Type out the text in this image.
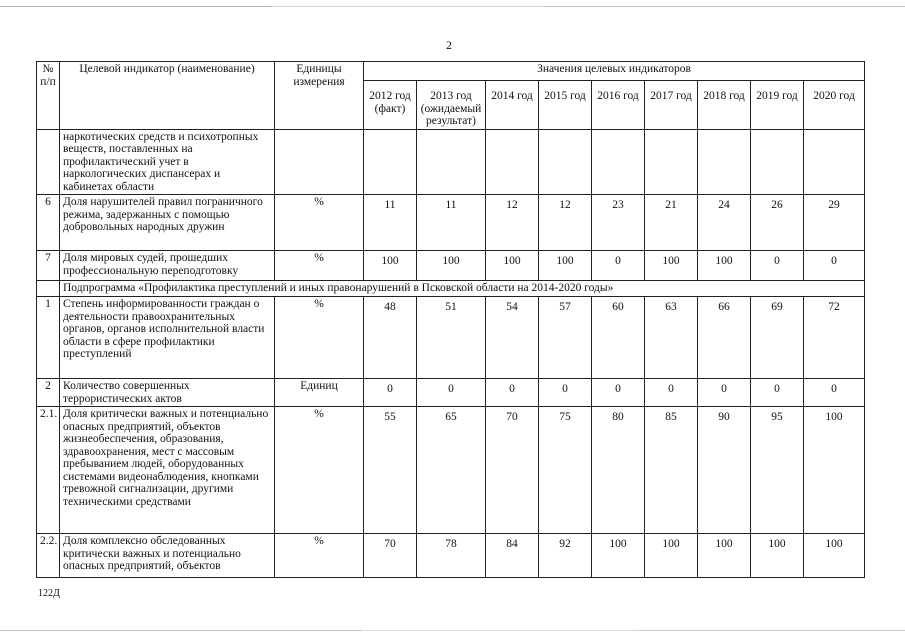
2
№ п/п	Целевой индикатор (наименование)	Единицы измерения	Значения целевых индикаторов								
			2012 год (факт)	2013 год (ожидаемый результат)	2014 год	2015 год	2016 год	2017 год	2018 год	2019 год	2020 год
	наркотических средств и психотропных веществ, поставленных на профилактический учет в наркологических диспансерах и кабинетах области										
6	Доля нарушителей правил пограничного режима, задержанных с помощью добровольных народных дружин	%	11	11	12	12	23	21	24	26	29
7	Доля мировых судей, прошедших профессиональную переподготовку	%	100	100	100	100	0	100	100	0	0
	Подпрограмма «Профилактика преступлений и иных правонарушений в Псковской области на 2014-2020 годы»										
1	Степень информированности граждан о деятельности правоохранительных органов, органов исполнительной власти области в сфере профилактики преступлений	%	48	51	54	57	60	63	66	69	72
2	Количество совершенных террористических актов	Единиц	0	0	0	0	0	0	0	0	0
2.1.	Доля критически важных и потенциально опасных предприятий, объектов жизнеобеспечения, образования, здравоохранения, мест с массовым пребыванием людей, оборудованных системами видеонаблюдения, кнопками тревожной сигнализации, другими техническими средствами	%	55	65	70	75	80	85	90	95	100
2.2.	Доля комплексно обследованных критически важных и потенциально опасных предприятий, объектов	%	70	78	84	92	100	100	100	100	100
122Д
